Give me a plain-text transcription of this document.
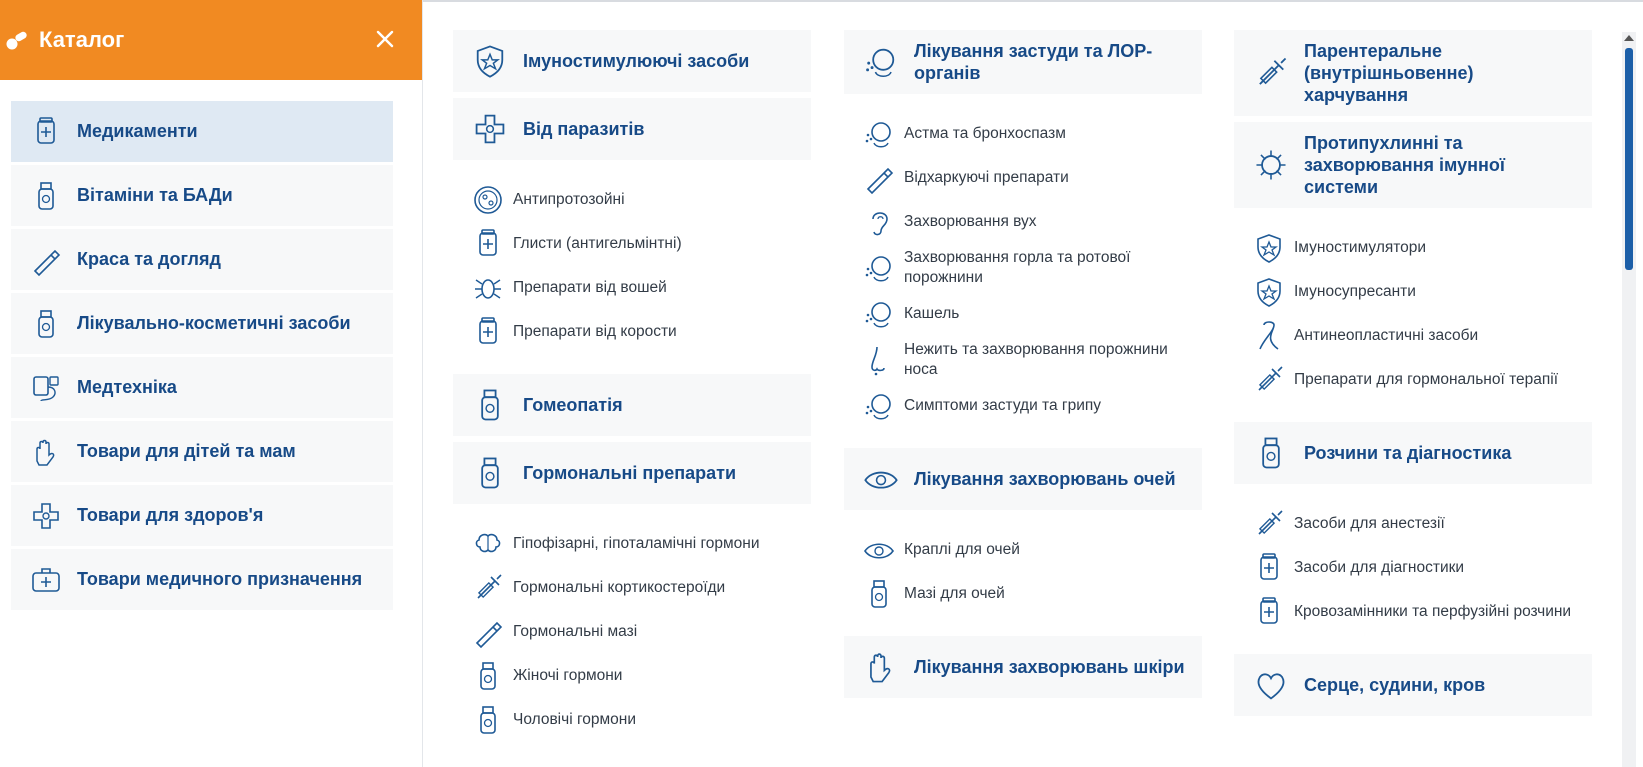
Каталог
Медикаменти
Вітаміни та БАДи
Краса та догляд
Лікувально-косметичні засоби
Медтехніка
Товари для дітей та мам
Товари для здоров'я
Товари медичного призначення
Імуностимулюючі засоби
Від паразитів
Антипротозойні
Глисти (антигельмінтні)
Препарати від вошей
Препарати від корости
Гомеопатія
Гормональні препарати
Гіпофізарні, гіпоталамічні гормони
Гормональні кортикостероїди
Гормональні мазі
Жіночі гормони
Чоловічі гормони
Лікування застуди та ЛОР-органів
Астма та бронхоспазм
Відхаркуючі препарати
Захворювання вух
Захворювання горла та ротової порожнини
Кашель
Нежить та захворювання порожнини носа
Симптоми застуди та грипу
Лікування захворювань очей
Краплі для очей
Мазі для очей
Лікування захворювань шкіри
Парентеральне (внутрішньовенне) харчування
Протипухлинні та захворювання імунної системи
Імуностимулятори
Імуносупресанти
Антинеопластичні засоби
Препарати для гормональної терапії
Розчини та діагностика
Засоби для анестезії
Засоби для діагностики
Кровозамінники та перфузійні розчини
Серце, судини, кров
